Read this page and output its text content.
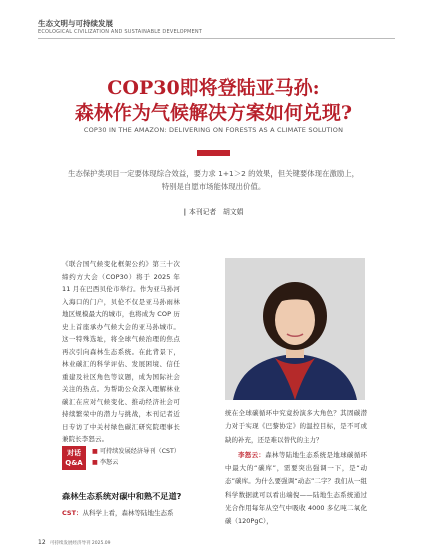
生态文明与可持续发展
ECOLOGICAL CIVILIZATION AND SUSTAINABLE DEVELOPMENT
COP30即将登陆亚马孙:
森林作为气候解决方案如何兑现?
COP30 IN THE AMAZON: DELIVERING ON FORESTS AS A CLIMATE SOLUTION
生态保护类项目一定要体现综合效益，要力求 1+1＞2 的效果，但关键要体现在激励上，
特别是自愿市场能体现出价值。
| 本刊记者　胡文娟
《联合国气候变化框架公约》第三十次缔约方大会（COP30）将于 2025 年 11 月在巴西贝伦市举行。作为亚马孙河入海口的门户，贝伦不仅是亚马孙雨林地区规模最大的城市，也将成为 COP 历史上首座承办气候大会的亚马孙城市。这一特殊选址，将全球气候治理的焦点再次引向森林生态系统。在此背景下，林业碳汇的科学评估、发展困境、信任重建及社区角色等议题，成为国际社会关注的热点。为帮助公众深入理解林业碳汇在应对气候变化、推动经济社会可持续繁荣中的潜力与挑战，本刊记者近日专访了中关村绿色碳汇研究院理事长兼院长李怒云。
对话
Q&A
■ 可持续发展经济导刊（CST）
■ 李怒云
森林生态系统对碳中和熟不足道?
CST：从科学上看，森林等陆地生态系
统在全球碳循环中究竟扮演多大角色？其固碳潜力对于实现《巴黎协定》的温控目标，是不可或缺的补充，还是难以替代的主力？
李怒云：森林等陆地生态系统是地球碳循环中最大的“碳库”，需要突出强调一下，是“动态”碳库。为什么要强调“动态”二字？我们从一组科学数据就可以看出端倪——陆地生态系统通过光合作用每年从空气中吸收 4000 多亿吨二氧化碳（120PgC），
12 可持续发展经济导刊 2025.09
